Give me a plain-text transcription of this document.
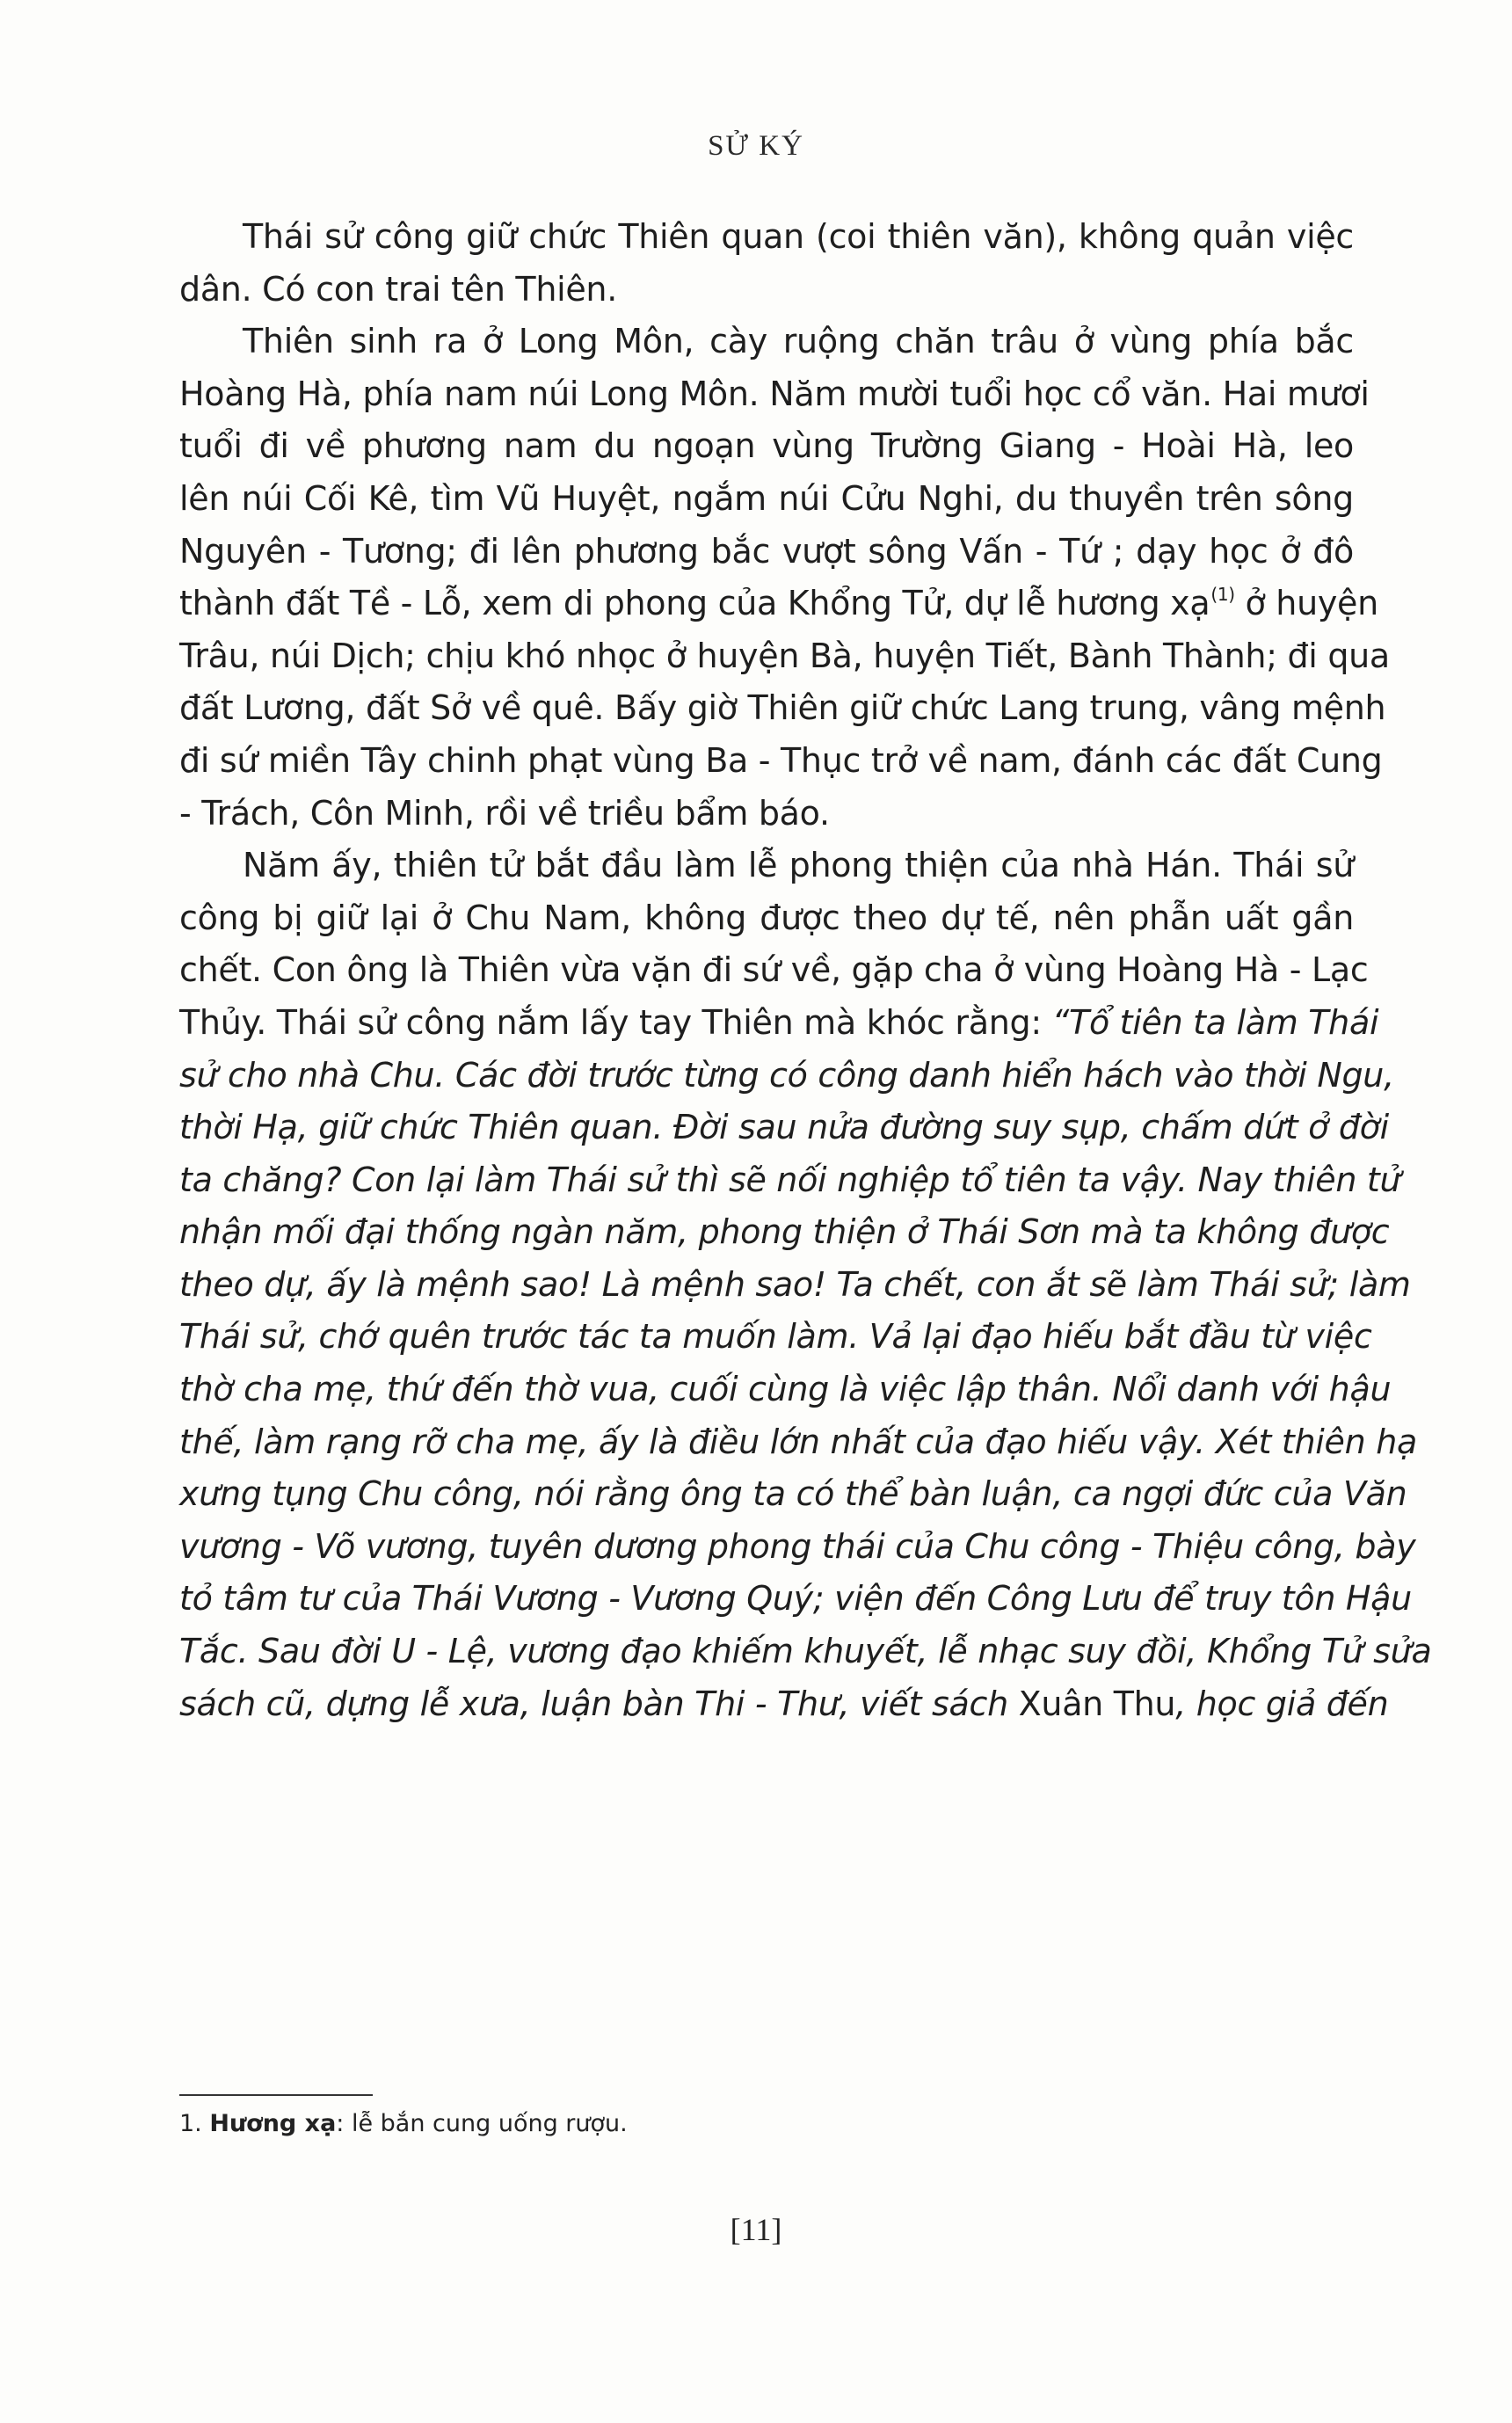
SỬ KÝ
Thái sử công giữ chức Thiên quan (coi thiên văn), không quản việc
dân. Có con trai tên Thiên.
Thiên sinh ra ở Long Môn, cày ruộng chăn trâu ở vùng phía bắc
Hoàng Hà, phía nam núi Long Môn. Năm mười tuổi học cổ văn. Hai mươi
tuổi đi về phương nam du ngoạn vùng Trường Giang - Hoài Hà, leo
lên núi Cối Kê, tìm Vũ Huyệt, ngắm núi Cửu Nghi, du thuyền trên sông
Nguyên - Tương; đi lên phương bắc vượt sông Vấn - Tứ ; dạy học ở đô
thành đất Tề - Lỗ, xem di phong của Khổng Tử, dự lễ hương xạ$^{(1)}$ ở huyện
Trâu, núi Dịch; chịu khó nhọc ở huyện Bà, huyện Tiết, Bành Thành; đi qua
đất Lương, đất Sở về quê. Bấy giờ Thiên giữ chức Lang trung, vâng mệnh
đi sứ miền Tây chinh phạt vùng Ba - Thục trở về nam, đánh các đất Cung
- Trách, Côn Minh, rồi về triều bẩm báo.
Năm ấy, thiên tử bắt đầu làm lễ phong thiện của nhà Hán. Thái sử
công bị giữ lại ở Chu Nam, không được theo dự tế, nên phẫn uất gần
chết. Con ông là Thiên vừa vặn đi sứ về, gặp cha ở vùng Hoàng Hà - Lạc
Thủy. Thái sử công nắm lấy tay Thiên mà khóc rằng: “Tổ tiên ta làm Thái
sử cho nhà Chu. Các đời trước từng có công danh hiển hách vào thời Ngu,
thời Hạ, giữ chức Thiên quan. Đời sau nửa đường suy sụp, chấm dứt ở đời
ta chăng? Con lại làm Thái sử thì sẽ nối nghiệp tổ tiên ta vậy. Nay thiên tử
nhận mối đại thống ngàn năm, phong thiện ở Thái Sơn mà ta không được
theo dự, ấy là mệnh sao! Là mệnh sao! Ta chết, con ắt sẽ làm Thái sử; làm
Thái sử, chớ quên trước tác ta muốn làm. Vả lại đạo hiếu bắt đầu từ việc
thờ cha mẹ, thứ đến thờ vua, cuối cùng là việc lập thân. Nổi danh với hậu
thế, làm rạng rỡ cha mẹ, ấy là điều lớn nhất của đạo hiếu vậy. Xét thiên hạ
xưng tụng Chu công, nói rằng ông ta có thể bàn luận, ca ngợi đức của Văn
vương - Võ vương, tuyên dương phong thái của Chu công - Thiệu công, bày
tỏ tâm tư của Thái Vương - Vương Quý; viện đến Công Lưu để truy tôn Hậu
Tắc. Sau đời U - Lệ, vương đạo khiếm khuyết, lễ nhạc suy đồi, Khổng Tử sửa
sách cũ, dựng lễ xưa, luận bàn Thi - Thư, viết sách Xuân Thu, học giả đến
1. Hương xạ: lễ bắn cung uống rượu.
[11]
